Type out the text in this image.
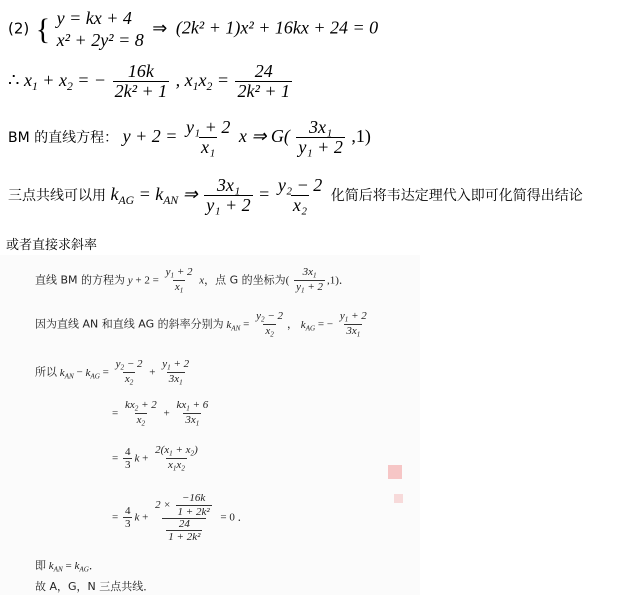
(2) { y = kx + 4
x² + 2y² = 8
⇒ (2k² + 1)x² + 16kx + 24 = 0
∴ $x_1 + x_2$ = − $\frac{16k}{\text{2k² + 1}}$ , $x_1x_2 = \frac{24}{\text{2k² + 1}}$
BM 的直线方程： $y + 2 = \frac{\text{y₁ + 2}}{\text{x₁}}$ x ⇒ $G( \frac{\text{3x₁}}{\text{y₁ + 2}} ,1)$
三点共线可以用 $k_{AG} = k_{AN}$ ⇒ $\frac{\text{3x₁}}{\text{y₁ + 2}} = \frac{\text{y₂ − 2}}{\text{x₂}}$ 化简后将韦达定理代入即可化简得出结论
或者直接求斜率
直线 BM 的方程为 $y + 2 = \frac{y_1 + 2}{x_1}$ x，点 G 的坐标为( $\frac{3x_1}{y_1 + 2} ,1$)．
因为直线 AN 和直线 AG 的斜率分别为 $k_{AN} = \frac{y_2 - 2}{x_2}$ ， $k_{AG}$ = − $\frac{y_1 + 2}{3x_1}$
所以 $k_{AN} - k_{AG} = \frac{y_2 - 2}{x_2} + \frac{y_1 + 2}{3x_1}$
= $\frac{kx_2 + 2}{x_2} + \frac{kx_1 + 6}{3x_1}$
= $\frac{4}{3}$ $k + \frac{2(x_1 + x_2)}{x_1x_2}$
= $\frac{4}{3}$ $k + \frac{2 \times \frac{-16k}{\text{1 + 2k²}}}{\frac{24}{\text{1 + 2k²}}} = 0$ ．
即 $k_{AN} = k_{AG}$．
故 A，G，N 三点共线．
